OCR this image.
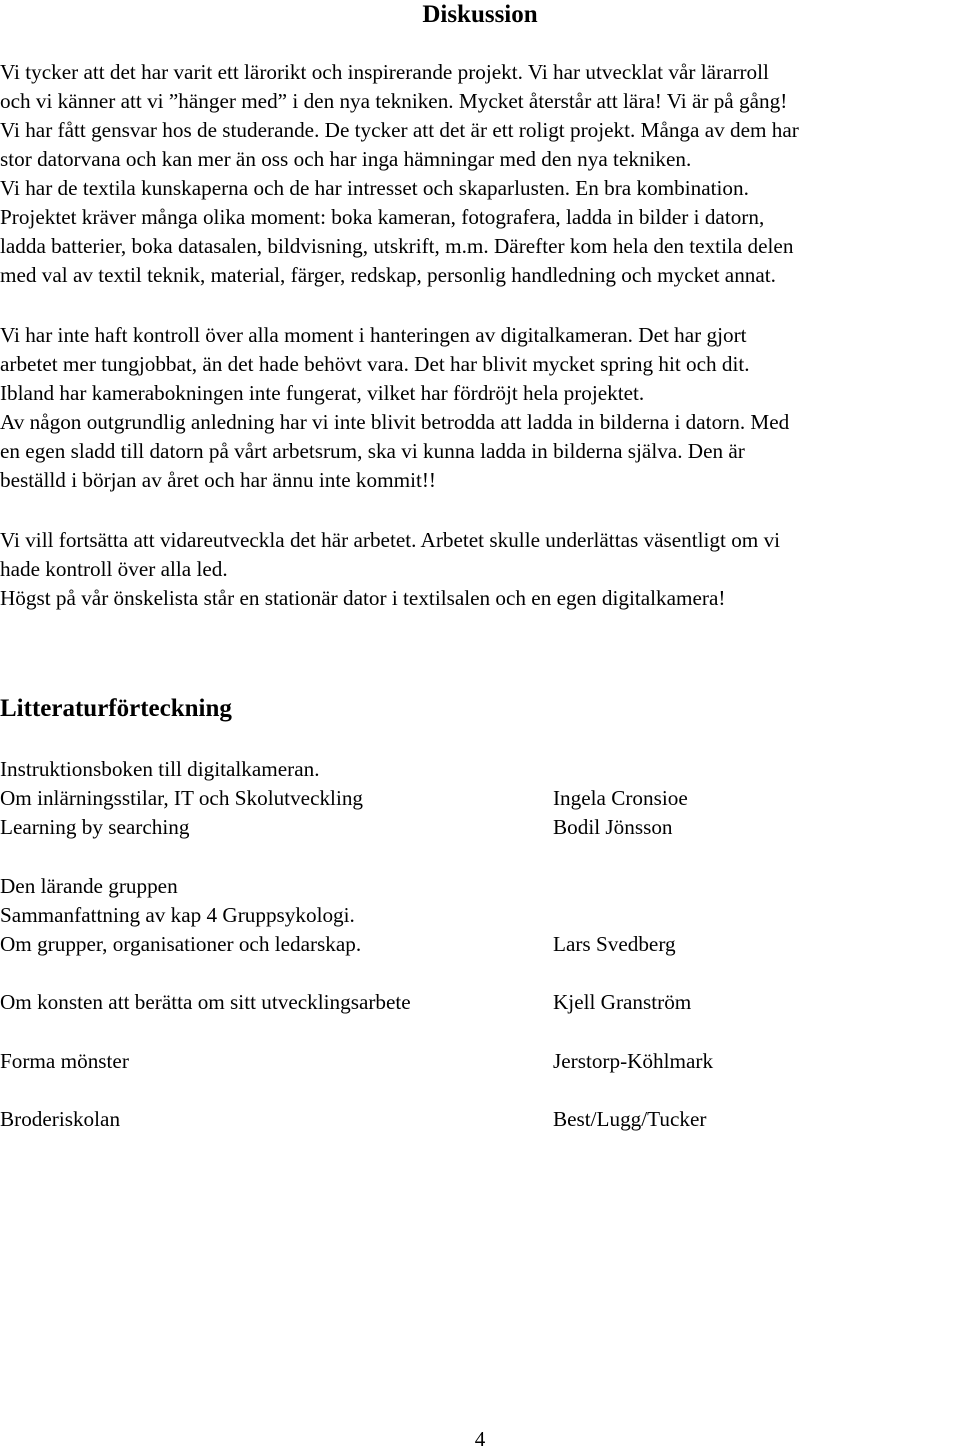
Diskussion
Vi tycker att det har varit ett lärorikt och inspirerande projekt. Vi har utvecklat vår lärarroll
och vi känner att vi ”hänger med” i den nya tekniken. Mycket återstår att lära! Vi är på gång!
Vi har fått gensvar hos de studerande. De tycker att det är ett roligt projekt. Många av dem har
stor datorvana och kan mer än oss och har inga hämningar med den nya tekniken.
Vi har de textila kunskaperna och de har intresset och skaparlusten. En bra kombination.
Projektet kräver många olika moment: boka kameran, fotografera, ladda in bilder i datorn,
ladda batterier, boka datasalen, bildvisning, utskrift, m.m. Därefter kom hela den textila delen
med val av textil teknik, material, färger, redskap, personlig handledning och mycket annat.
Vi har inte haft kontroll över alla moment i hanteringen av digitalkameran. Det har gjort
arbetet mer tungjobbat, än det hade behövt vara. Det har blivit mycket spring hit och dit.
Ibland har kamerabokningen inte fungerat, vilket har fördröjt hela projektet.
Av någon outgrundlig anledning har vi inte blivit betrodda att ladda in bilderna i datorn. Med
en egen sladd till datorn på vårt arbetsrum, ska vi kunna ladda in bilderna själva. Den är
beställd i början av året och har ännu inte kommit!!
Vi vill fortsätta att vidareutveckla det här arbetet. Arbetet skulle underlättas väsentligt om vi
hade kontroll över alla led.
Högst på vår önskelista står en stationär dator i textilsalen och en egen digitalkamera!
Litteraturförteckning
Instruktionsboken till digitalkameran.
Om inlärningsstilar, IT och Skolutveckling
Learning by searching
Den lärande gruppen
Sammanfattning av kap 4 Gruppsykologi.
Om grupper, organisationer och ledarskap.
Om konsten att berätta om sitt utvecklingsarbete
Forma mönster
Broderiskolan
Ingela Cronsioe
Bodil Jönsson
Lars Svedberg
Kjell Granström
Jerstorp-Köhlmark
Best/Lugg/Tucker
4
